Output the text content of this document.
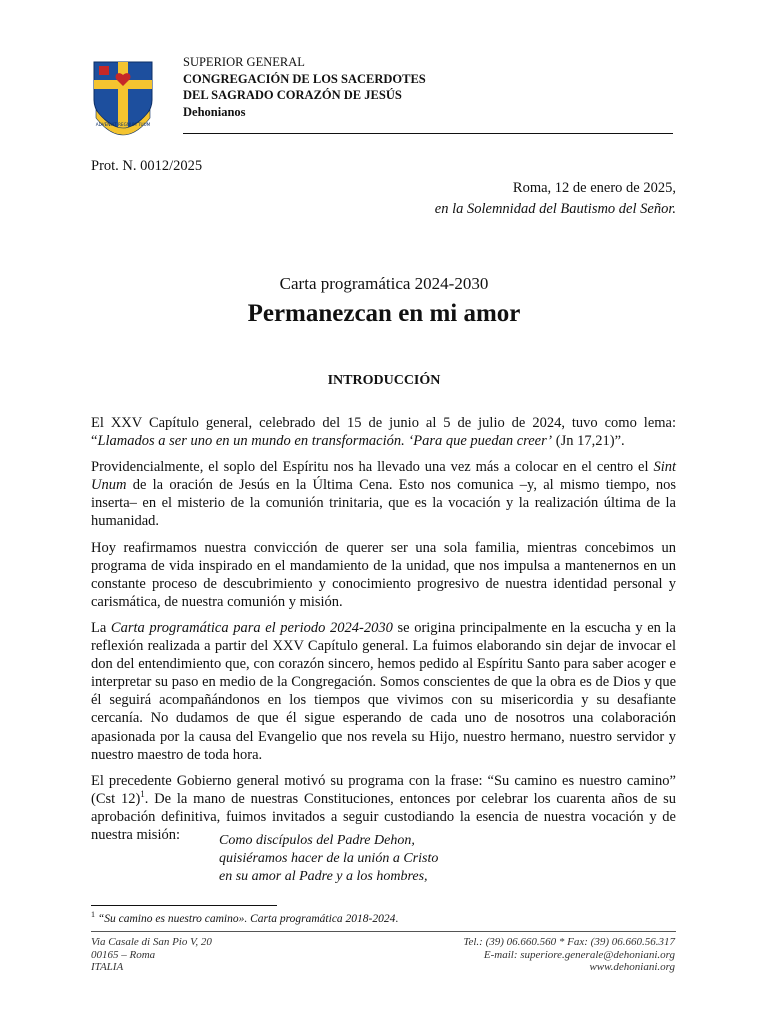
ADVENIAT REGNUM TUUM
SUPERIOR GENERAL
CONGREGACIÓN DE LOS SACERDOTES
DEL SAGRADO CORAZÓN DE JESÚS
Dehonianos
Prot. N. 0012/2025
Roma, 12 de enero de 2025,
en la Solemnidad del Bautismo del Señor.
Carta programática 2024-2030
Permanezcan en mi amor
INTRODUCCIÓN

El XXV Capítulo general, celebrado del 15 de junio al 5 de julio de 2024, tuvo como lema: “Llamados a ser uno en un mundo en transformación. ‘Para que puedan creer’ (Jn 17,21)”.

Providencialmente, el soplo del Espíritu nos ha llevado una vez más a colocar en el centro el Sint Unum de la oración de Jesús en la Última Cena. Esto nos comunica –y, al mismo tiempo, nos inserta– en el misterio de la comunión trinitaria, que es la vocación y la realización última de la humanidad.

Hoy reafirmamos nuestra convicción de querer ser una sola familia, mientras concebimos un programa de vida inspirado en el mandamiento de la unidad, que nos impulsa a mantenernos en un constante proceso de descubrimiento y conocimiento progresivo de nuestra identidad personal y carismática, de nuestra comunión y misión.

La Carta programática para el periodo 2024-2030 se origina principalmente en la escucha y en la reflexión realizada a partir del XXV Capítulo general. La fuimos elaborando sin dejar de invocar el don del entendimiento que, con corazón sincero, hemos pedido al Espíritu Santo para saber acoger e interpretar su paso en medio de la Congregación. Somos conscientes de que la obra es de Dios y que él seguirá acompañándonos en los tiempos que vivimos con su misericordia y su desafiante cercanía. No dudamos de que él sigue esperando de cada uno de nosotros una colaboración apasionada por la causa del Evangelio que nos revela su Hijo, nuestro hermano, nuestro servidor y nuestro maestro de toda hora.

El precedente Gobierno general motivó su programa con la frase: “Su camino es nuestro camino” (Cst 12)$^1$. De la mano de nuestras Constituciones, entonces por celebrar los cuarenta años de su aprobación definitiva, fuimos invitados a seguir custodiando la esencia de nuestra vocación y de nuestra misión:	Como discípulos del Padre Dehon,
quisiéramos hacer de la unión a Cristo
en su amor al Padre y a los hombres,
$^1$ “Su camino es nuestro camino». Carta programática 2018-2024.
Via Casale di San Pio V, 20
00165 – Roma
ITALIA
Tel.: (39) 06.660.560 * Fax: (39) 06.660.56.317
E-mail: superiore.generale@dehoniani.org
www.dehoniani.org
